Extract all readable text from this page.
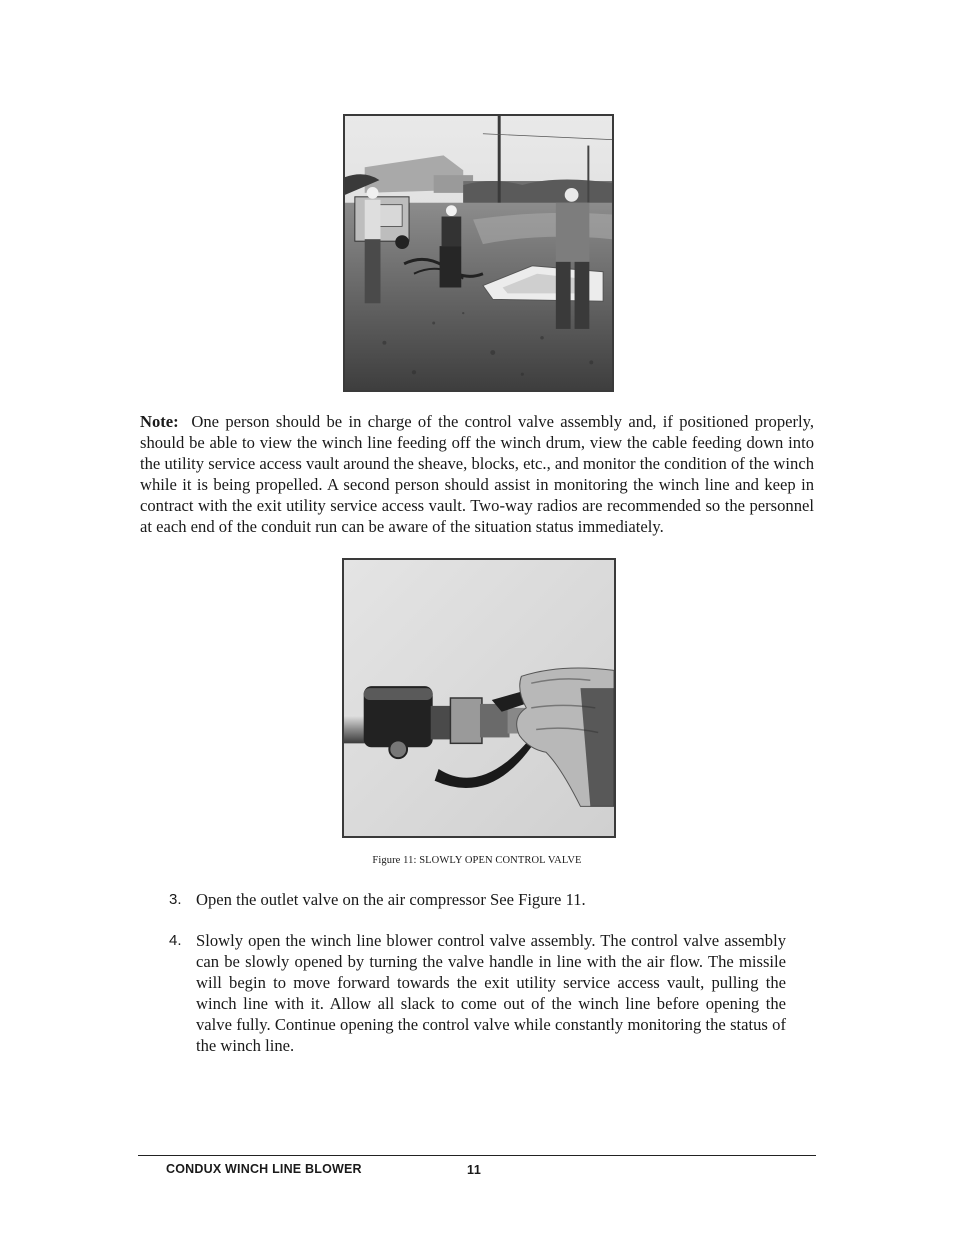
Note: One person should be in charge of the control valve assembly and, if positioned properly, should be able to view the winch line feeding off the winch drum, view the cable feeding down into the utility service access vault around the sheave, blocks, etc., and monitor the condition of the winch while it is being propelled. A second person should assist in monitoring the winch line and keep in contract with the exit utility service access vault. Two-way radios are recommended so the personnel at each end of the conduit run can be aware of the situation status immediately.

Figure 11: SLOWLY OPEN CONTROL VALVE

3. Open the outlet valve on the air compressor See Figure 11.
4. Slowly open the winch line blower control valve assembly. The control valve assembly can be slowly opened by turning the valve handle in line with the air flow. The missile will begin to move forward towards the exit utility service access vault, pulling the winch line with it. Allow all slack to come out of the winch line before opening the valve fully. Continue opening the control valve while constantly monitoring the status of the winch line.
CONDUX WINCH LINE BLOWER	11
